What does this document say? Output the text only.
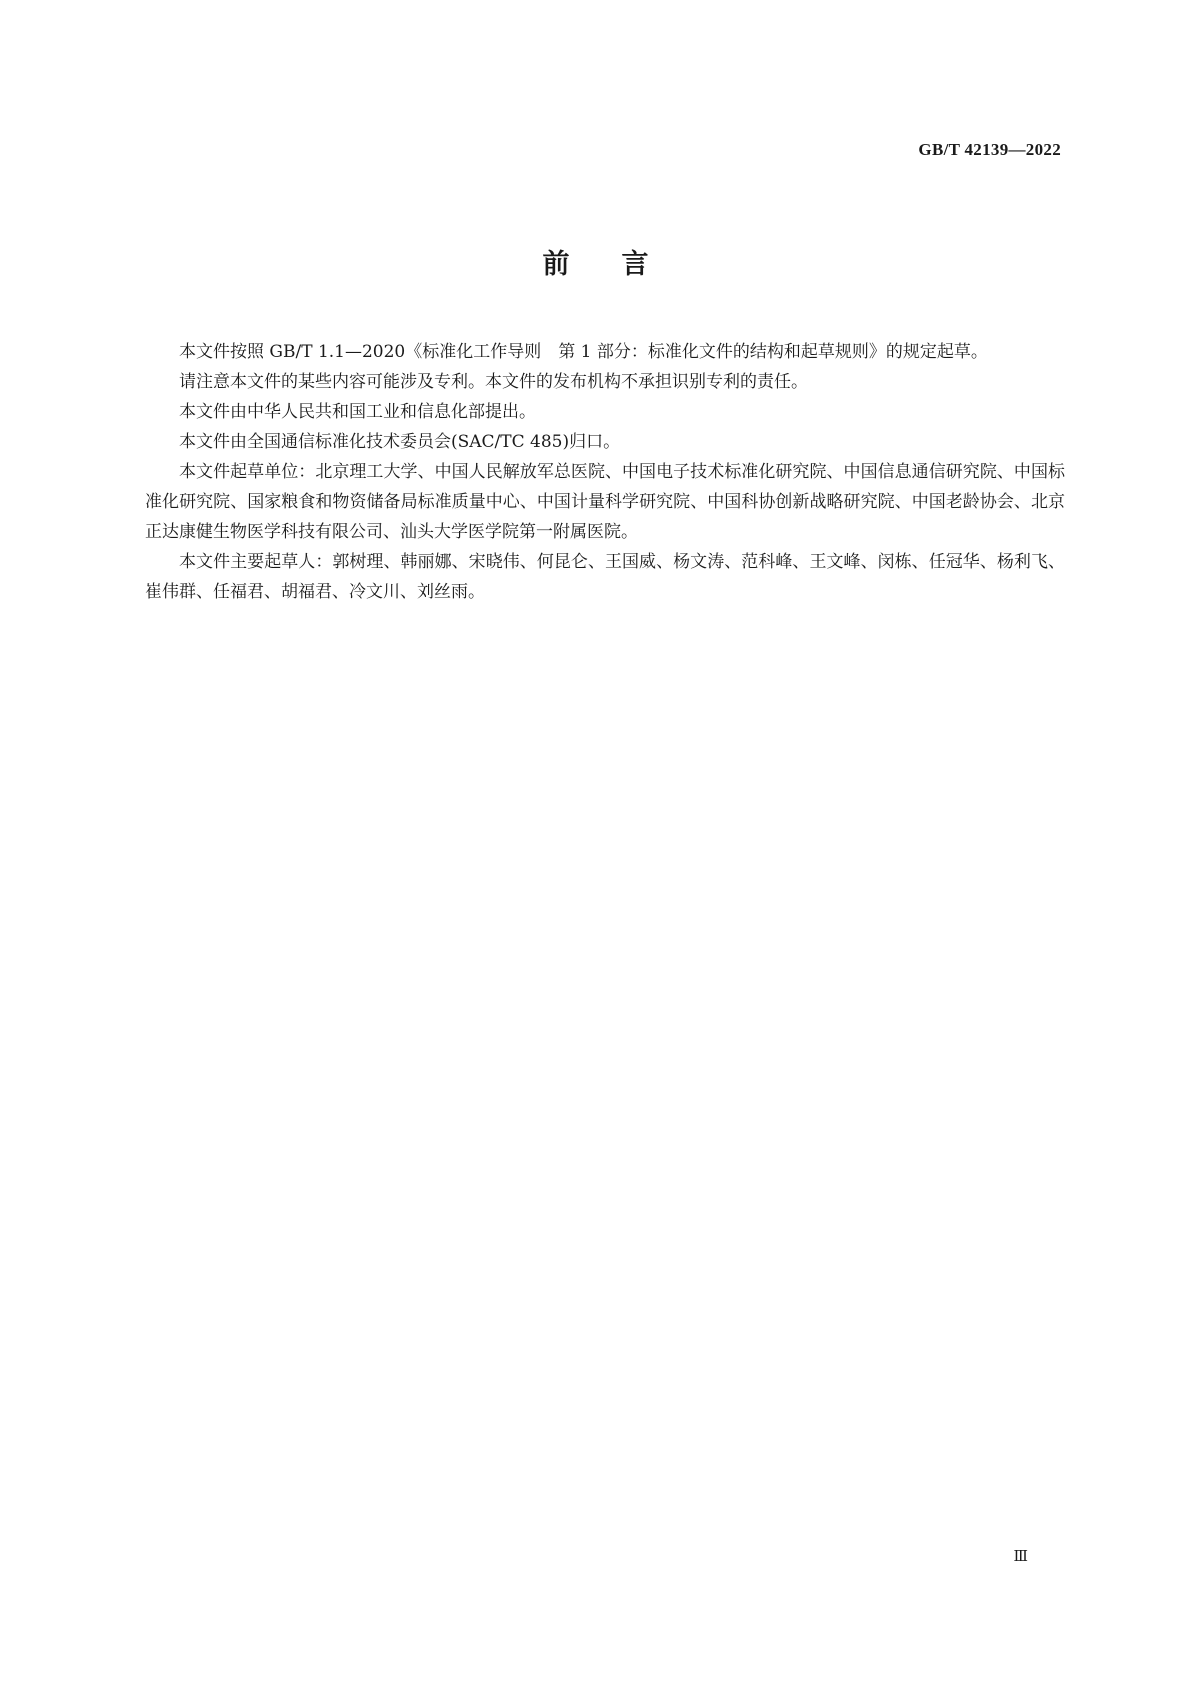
GB/T 42139—2022
前言

本文件按照 GB/T 1.1—2020《标准化工作导则　第 1 部分：标准化文件的结构和起草规则》的规定起草。

请注意本文件的某些内容可能涉及专利。本文件的发布机构不承担识别专利的责任。

本文件由中华人民共和国工业和信息化部提出。

本文件由全国通信标准化技术委员会(SAC/TC 485)归口。

本文件起草单位：北京理工大学、中国人民解放军总医院、中国电子技术标准化研究院、中国信息通信研究院、中国标准化研究院、国家粮食和物资储备局标准质量中心、中国计量科学研究院、中国科协创新战略研究院、中国老龄协会、北京正达康健生物医学科技有限公司、汕头大学医学院第一附属医院。

本文件主要起草人：郭树理、韩丽娜、宋晓伟、何昆仑、王国威、杨文涛、范科峰、王文峰、闵栋、任冠华、杨利飞、崔伟群、任福君、胡福君、冷文川、刘丝雨。

Ⅲ
